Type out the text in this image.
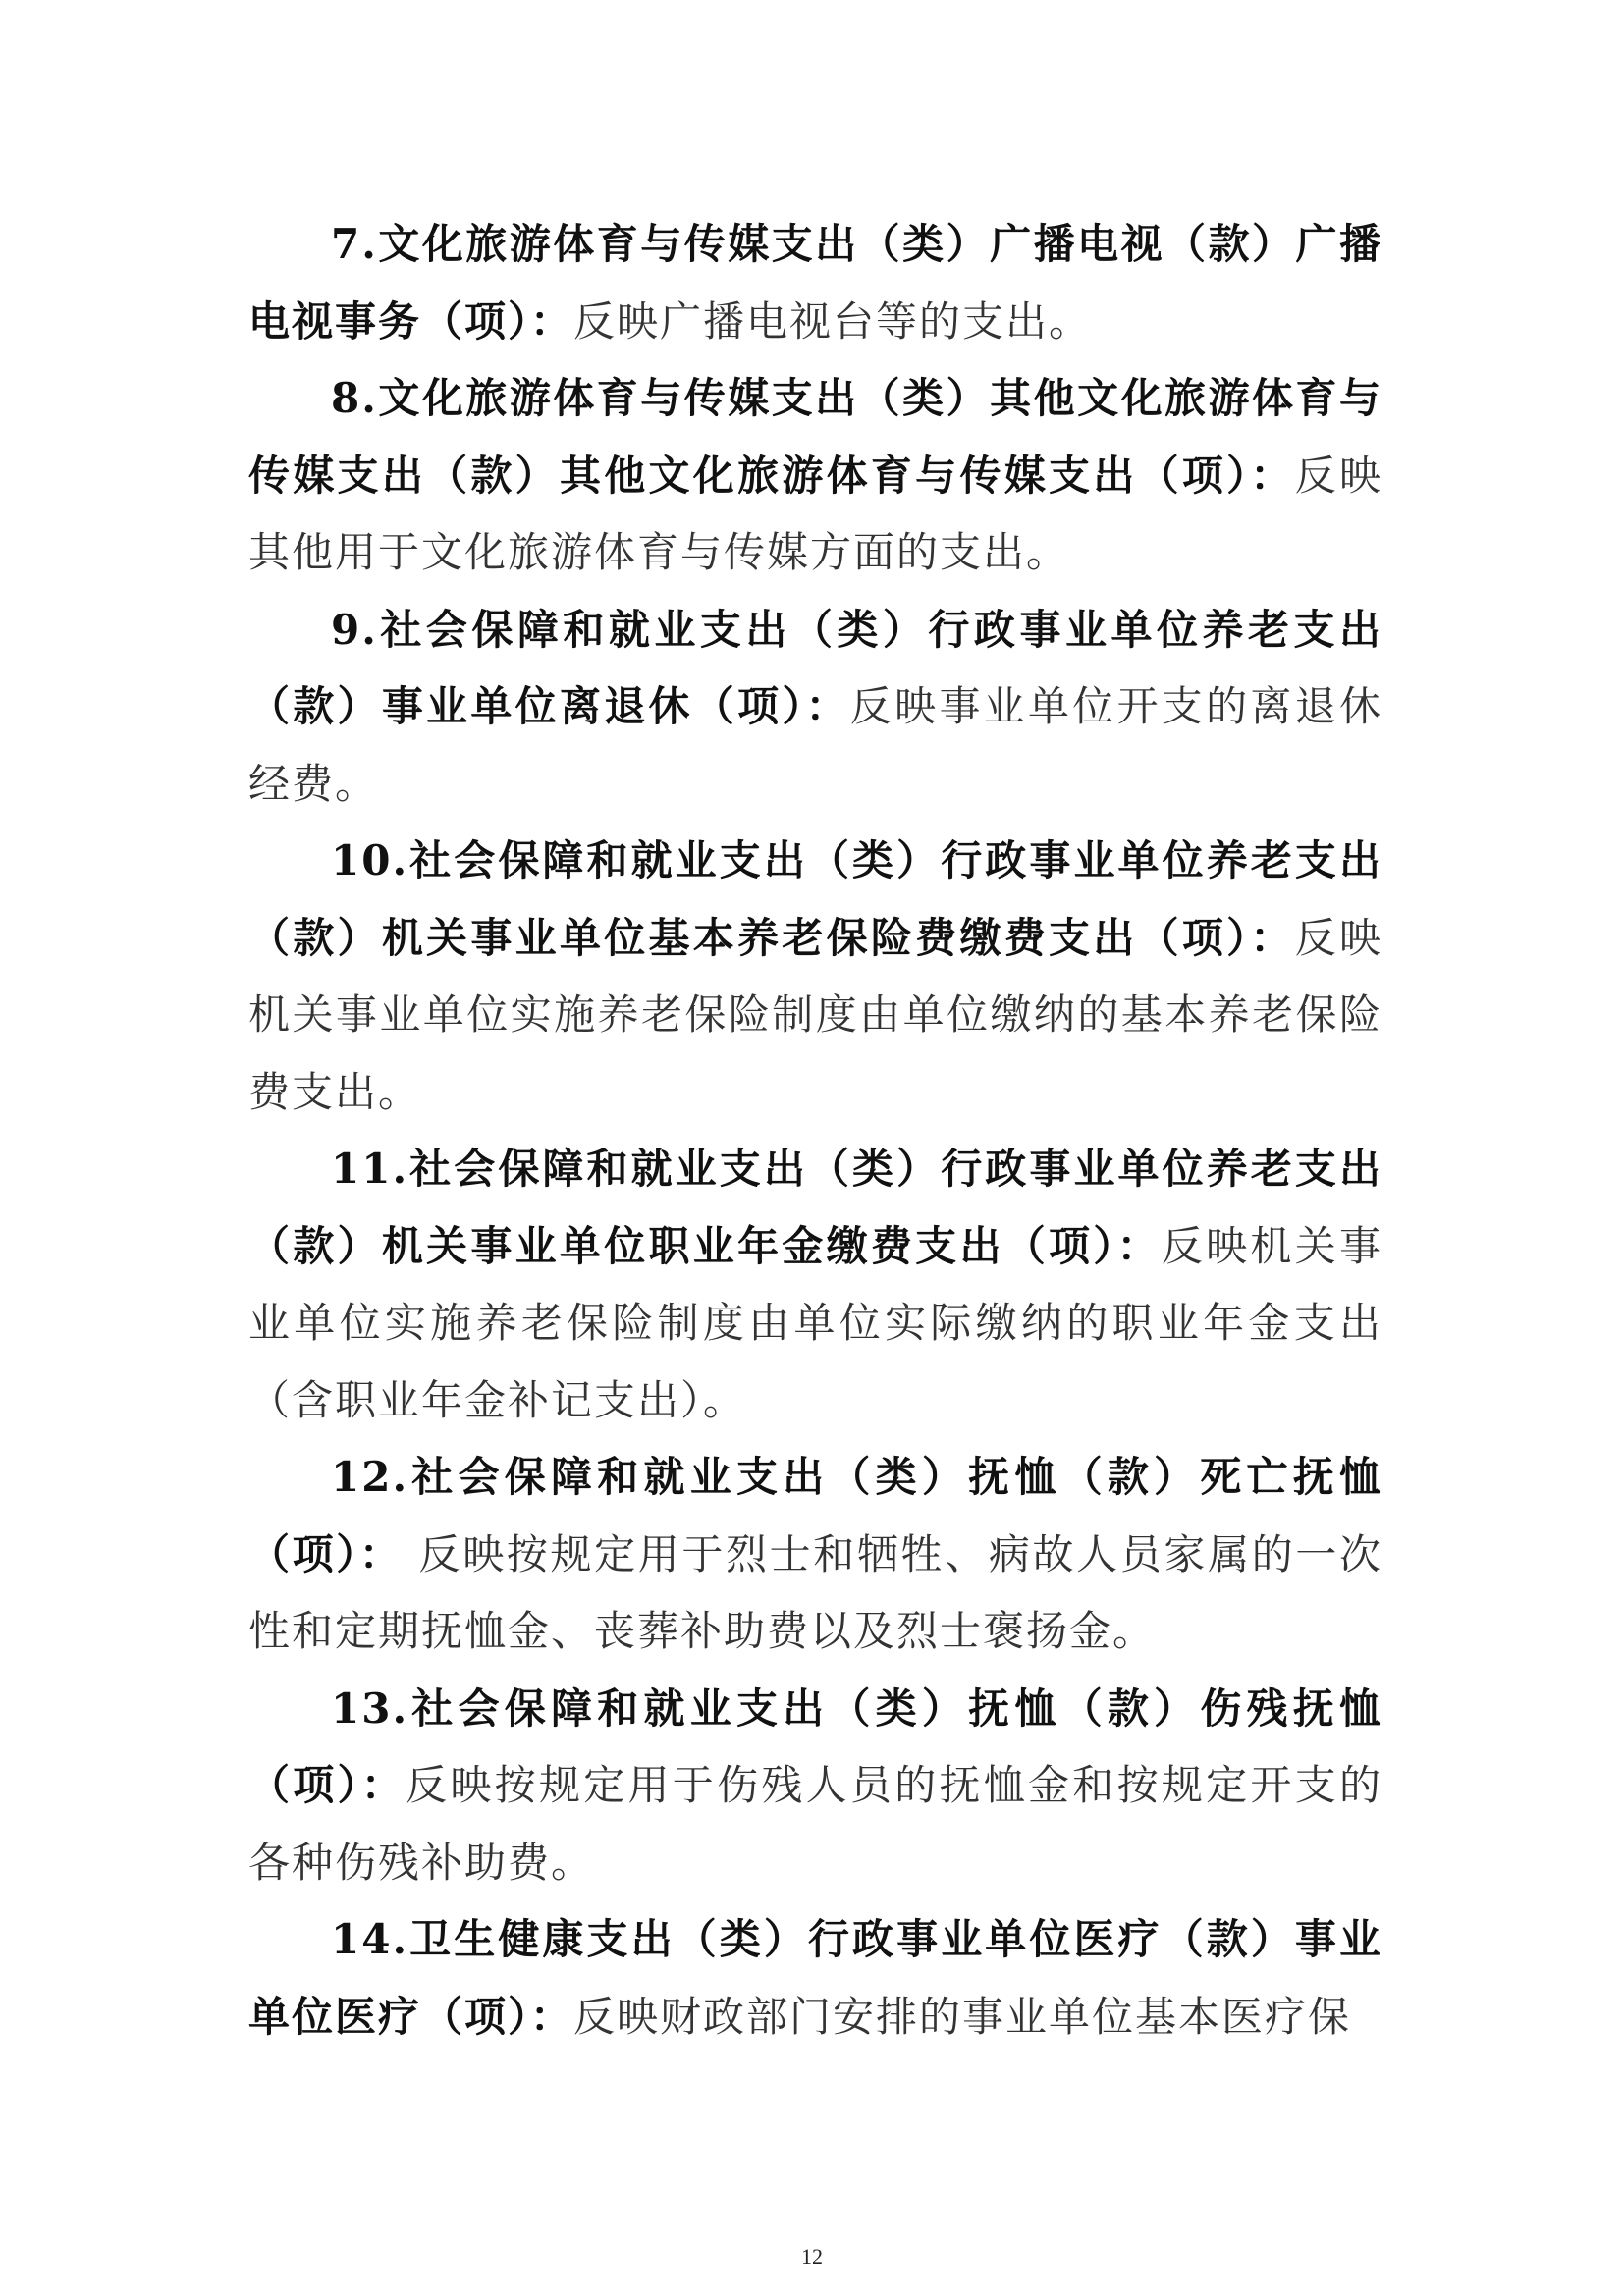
7.文化旅游体育与传媒支出（类）广播电视（款）广播电视事务（项）：反映广播电视台等的支出。

8.文化旅游体育与传媒支出（类）其他文化旅游体育与传媒支出（款）其他文化旅游体育与传媒支出（项）：反映其他用于文化旅游体育与传媒方面的支出。

9.社会保障和就业支出（类）行政事业单位养老支出（款）事业单位离退休（项）：反映事业单位开支的离退休经费。

10.社会保障和就业支出（类）行政事业单位养老支出（款）机关事业单位基本养老保险费缴费支出（项）：反映机关事业单位实施养老保险制度由单位缴纳的基本养老保险费支出。

11.社会保障和就业支出（类）行政事业单位养老支出（款）机关事业单位职业年金缴费支出（项）：反映机关事业单位实施养老保险制度由单位实际缴纳的职业年金支出（含职业年金补记支出）。

12.社会保障和就业支出（类）抚恤（款）死亡抚恤（项）： 反映按规定用于烈士和牺牲、病故人员家属的一次性和定期抚恤金、丧葬补助费以及烈士褒扬金。

13.社会保障和就业支出（类）抚恤（款）伤残抚恤（项）：反映按规定用于伤残人员的抚恤金和按规定开支的各种伤残补助费。

14.卫生健康支出（类）行政事业单位医疗（款）事业单位医疗（项）：反映财政部门安排的事业单位基本医疗保

12
